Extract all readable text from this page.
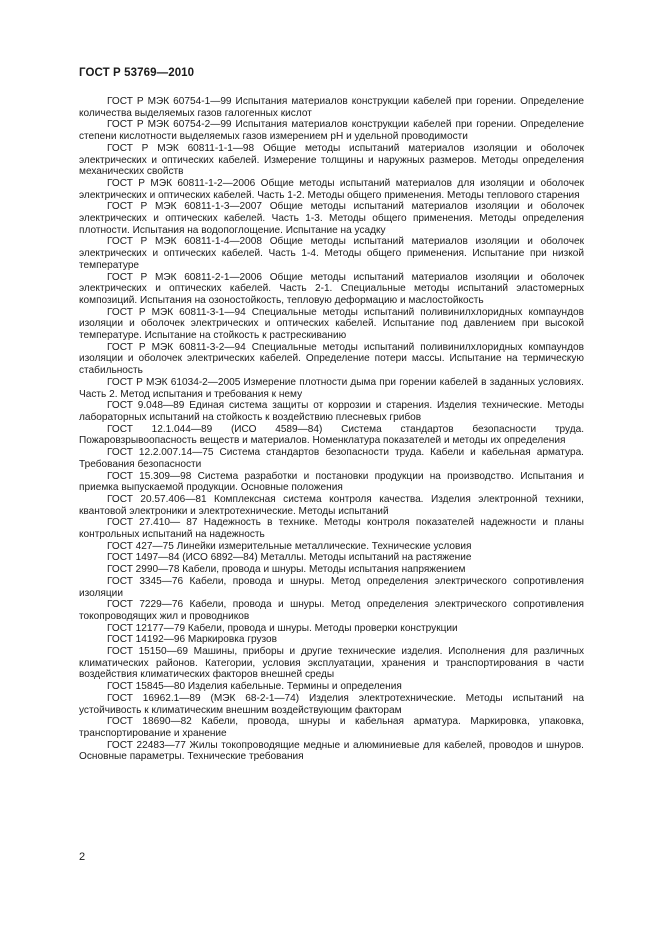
ГОСТ Р 53769—2010

ГОСТ Р МЭК 60754-1—99 Испытания материалов конструкции кабелей при горении. Определение количества выделяемых газов галогенных кислот

ГОСТ Р МЭК 60754-2—99 Испытания материалов конструкции кабелей при горении. Определение степени кислотности выделяемых газов измерением pH и удельной проводимости

ГОСТ Р МЭК 60811-1-1—98 Общие методы испытаний материалов изоляции и оболочек электрических и оптических кабелей. Измерение толщины и наружных размеров. Методы определения механических свойств

ГОСТ Р МЭК 60811-1-2—2006 Общие методы испытаний материалов для изоляции и оболочек электрических и оптических кабелей. Часть 1-2. Методы общего применения. Методы теплового старения

ГОСТ Р МЭК 60811-1-3—2007 Общие методы испытаний материалов изоляции и оболочек электрических и оптических кабелей. Часть 1-3. Методы общего применения. Методы определения плотности. Испытания на водопоглощение. Испытание на усадку

ГОСТ Р МЭК 60811-1-4—2008 Общие методы испытаний материалов изоляции и оболочек электрических и оптических кабелей. Часть 1-4. Методы общего применения. Испытание при низкой температуре

ГОСТ Р МЭК 60811-2-1—2006 Общие методы испытаний материалов изоляции и оболочек электрических и оптических кабелей. Часть 2-1. Специальные методы испытаний эластомерных композиций. Испытания на озоностойкость, тепловую деформацию и маслостойкость

ГОСТ Р МЭК 60811-3-1—94 Специальные методы испытаний поливинилхлоридных компаундов изоляции и оболочек электрических и оптических кабелей. Испытание под давлением при высокой температуре. Испытание на стойкость к растрескиванию

ГОСТ Р МЭК 60811-3-2—94 Специальные методы испытаний поливинилхлоридных компаундов изоляции и оболочек электрических кабелей. Определение потери массы. Испытание на термическую стабильность

ГОСТ Р МЭК 61034-2—2005 Измерение плотности дыма при горении кабелей в заданных условиях. Часть 2. Метод испытания и требования к нему

ГОСТ 9.048—89 Единая система защиты от коррозии и старения. Изделия технические. Методы лабораторных испытаний на стойкость к воздействию плесневых грибов

ГОСТ 12.1.044—89 (ИСО 4589—84) Система стандартов безопасности труда. Пожаровзрывоопасность веществ и материалов. Номенклатура показателей и методы их определения

ГОСТ 12.2.007.14—75 Система стандартов безопасности труда. Кабели и кабельная арматура. Требования безопасности

ГОСТ 15.309—98 Система разработки и постановки продукции на производство. Испытания и приемка выпускаемой продукции. Основные положения

ГОСТ 20.57.406—81 Комплексная система контроля качества. Изделия электронной техники, квантовой электроники и электротехнические. Методы испытаний

ГОСТ 27.410— 87 Надежность в технике. Методы контроля показателей надежности и планы контрольных испытаний на надежность

ГОСТ 427—75 Линейки измерительные металлические. Технические условия

ГОСТ 1497—84 (ИСО 6892—84) Металлы. Методы испытаний на растяжение

ГОСТ 2990—78 Кабели, провода и шнуры. Методы испытания напряжением

ГОСТ 3345—76 Кабели, провода и шнуры. Метод определения электрического сопротивления изоляции

ГОСТ 7229—76 Кабели, провода и шнуры. Метод определения электрического сопротивления токопроводящих жил и проводников

ГОСТ 12177—79 Кабели, провода и шнуры. Методы проверки конструкции

ГОСТ 14192—96 Маркировка грузов

ГОСТ 15150—69 Машины, приборы и другие технические изделия. Исполнения для различных климатических районов. Категории, условия эксплуатации, хранения и транспортирования в части воздействия климатических факторов внешней среды

ГОСТ 15845—80 Изделия кабельные. Термины и определения

ГОСТ 16962.1—89 (МЭК 68-2-1—74) Изделия электротехнические. Методы испытаний на устойчивость к климатическим внешним воздействующим факторам

ГОСТ 18690—82 Кабели, провода, шнуры и кабельная арматура. Маркировка, упаковка, транспортирование и хранение

ГОСТ 22483—77 Жилы токопроводящие медные и алюминиевые для кабелей, проводов и шнуров. Основные параметры. Технические требования

2
